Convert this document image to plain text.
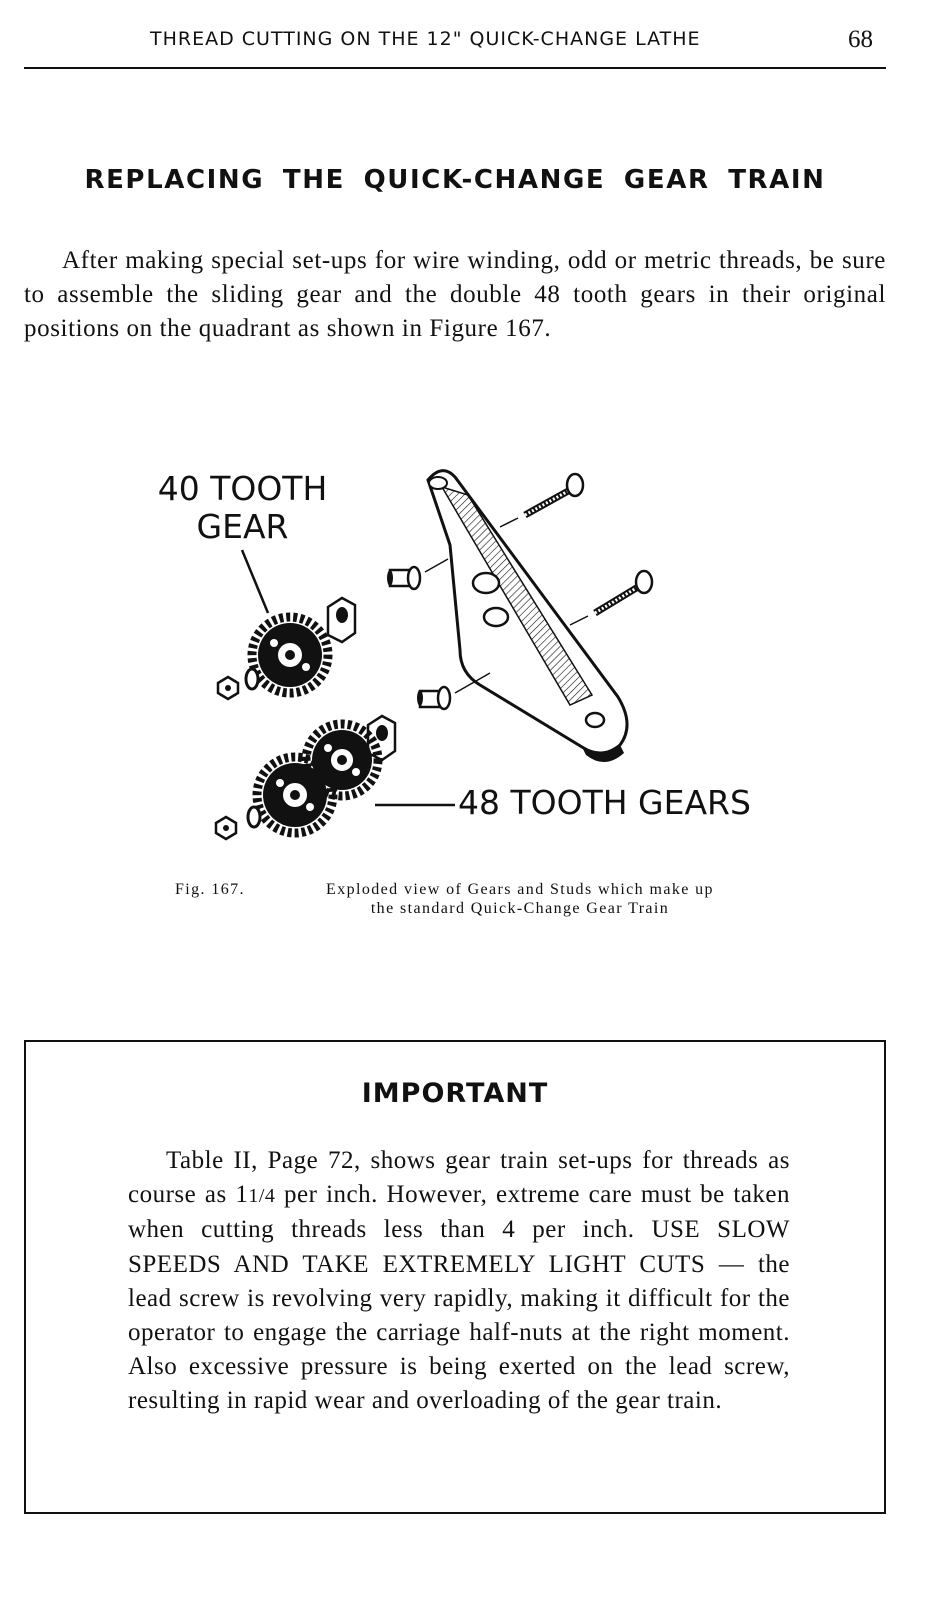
THREAD CUTTING ON THE 12" QUICK-CHANGE LATHE	68
REPLACING THE QUICK-CHANGE GEAR TRAIN

After making special set-ups for wire winding, odd or metric threads, be sure to assemble the sliding gear and the double 48 tooth gears in their original positions on the quadrant as shown in Figure 167.

40 TOOTH
GEAR
48 TOOTH GEARS
Fig. 167.	Exploded view of Gears and Studs which make up
the standard Quick-Change Gear Train
IMPORTANT

Table II, Page 72, shows gear train set-ups for threads as course as 11/4 per inch. However, extreme care must be taken when cutting threads less than 4 per inch. USE SLOW SPEEDS AND TAKE EXTREMELY LIGHT CUTS — the lead screw is revolving very rapidly, making it difficult for the operator to engage the carriage half-nuts at the right moment. Also excessive pressure is being exerted on the lead screw, resulting in rapid wear and overloading of the gear train.
